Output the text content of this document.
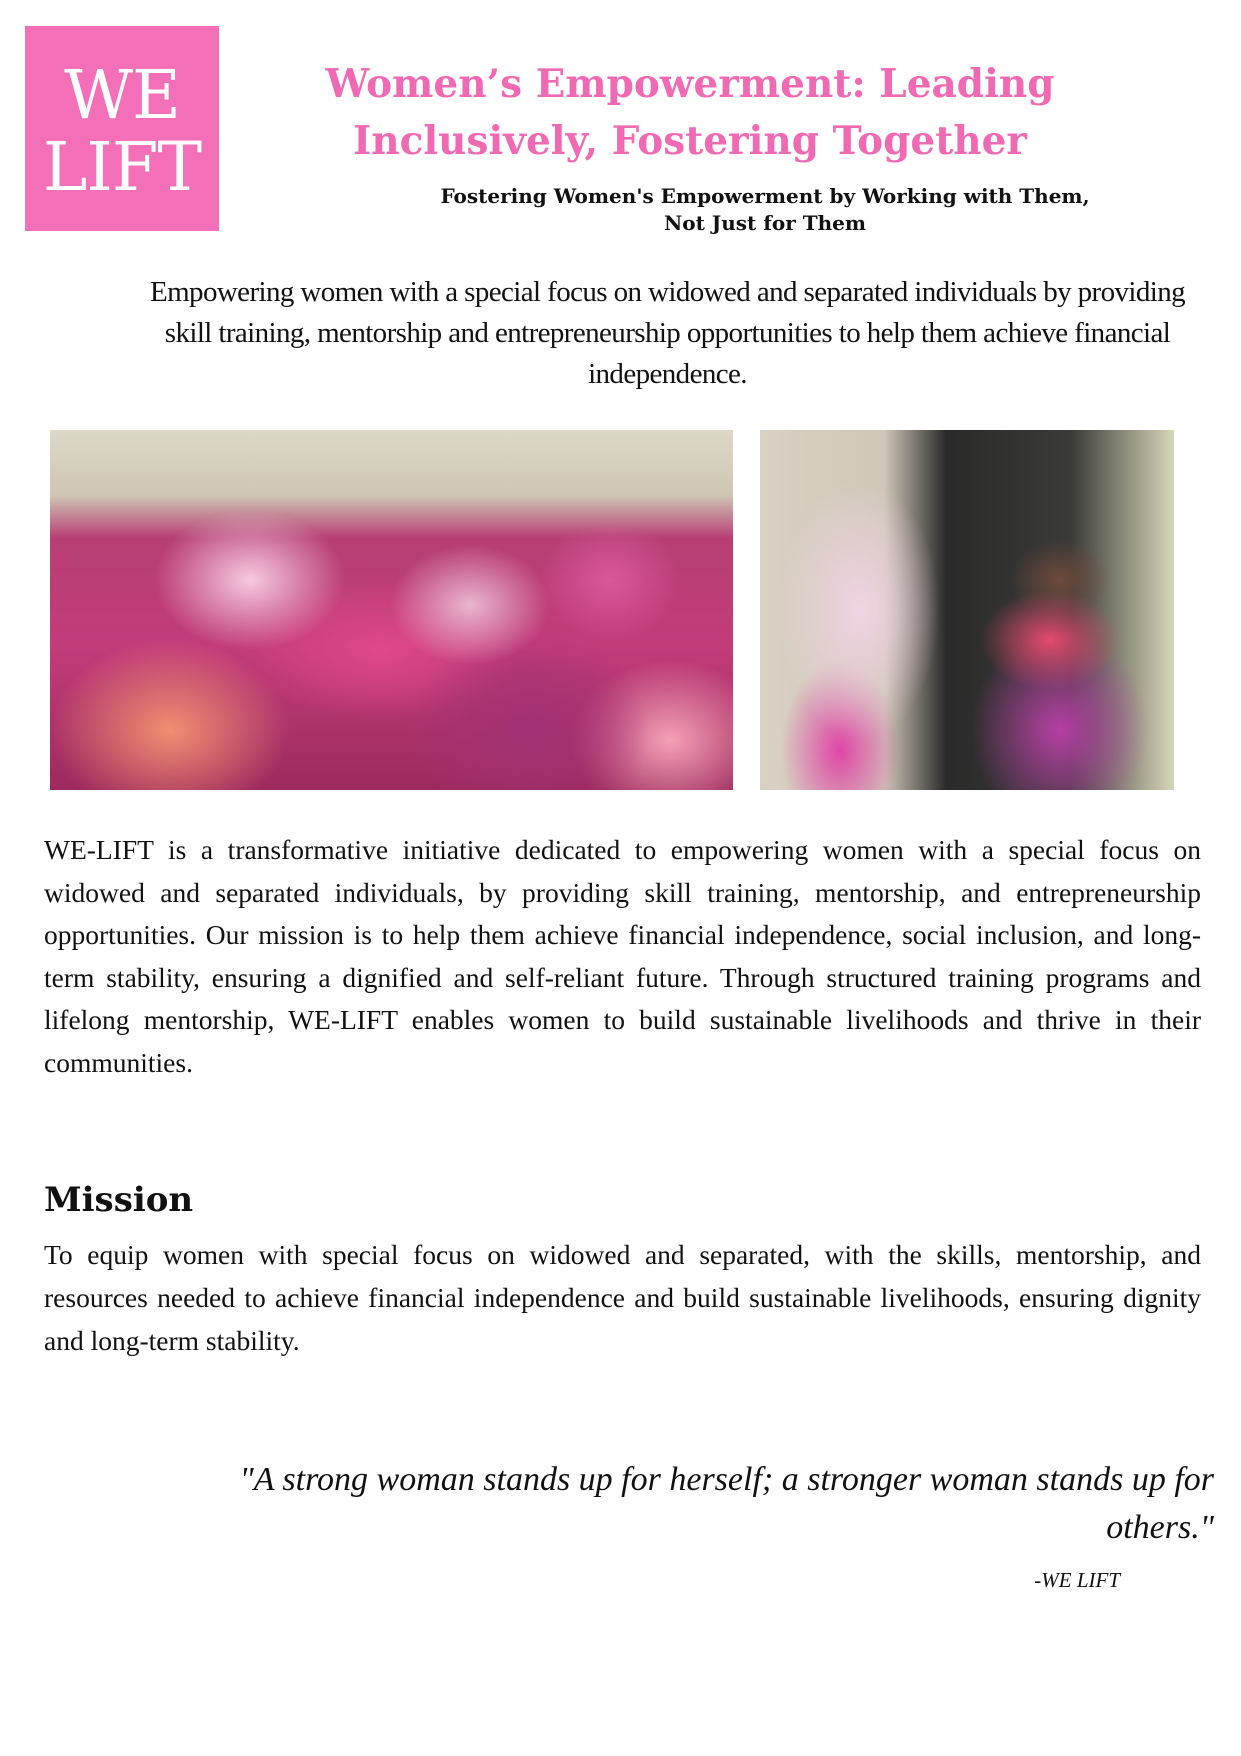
WE
LIFT
Women’s Empowerment: Leading Inclusively, Fostering Together
Fostering Women's Empowerment by Working with Them,
Not Just for Them
Empowering women with a special focus on widowed and separated individuals by providing skill training, mentorship and entrepreneurship opportunities to help them achieve financial independence.

WE-LIFT is a transformative initiative dedicated to empowering women with a special focus on widowed and separated individuals, by providing skill training, mentorship, and entrepreneurship opportunities. Our mission is to help them achieve financial independence, social inclusion, and long-term stability, ensuring a dignified and self-reliant future. Through structured training programs and lifelong mentorship, WE-LIFT enables women to build sustainable livelihoods and thrive in their communities.

Mission

To equip women with special focus on widowed and separated, with the skills, mentorship, and resources needed to achieve financial independence and build sustainable livelihoods, ensuring dignity and long-term stability.

"A strong woman stands up for herself; a stronger woman stands up for others."

-WE LIFT
